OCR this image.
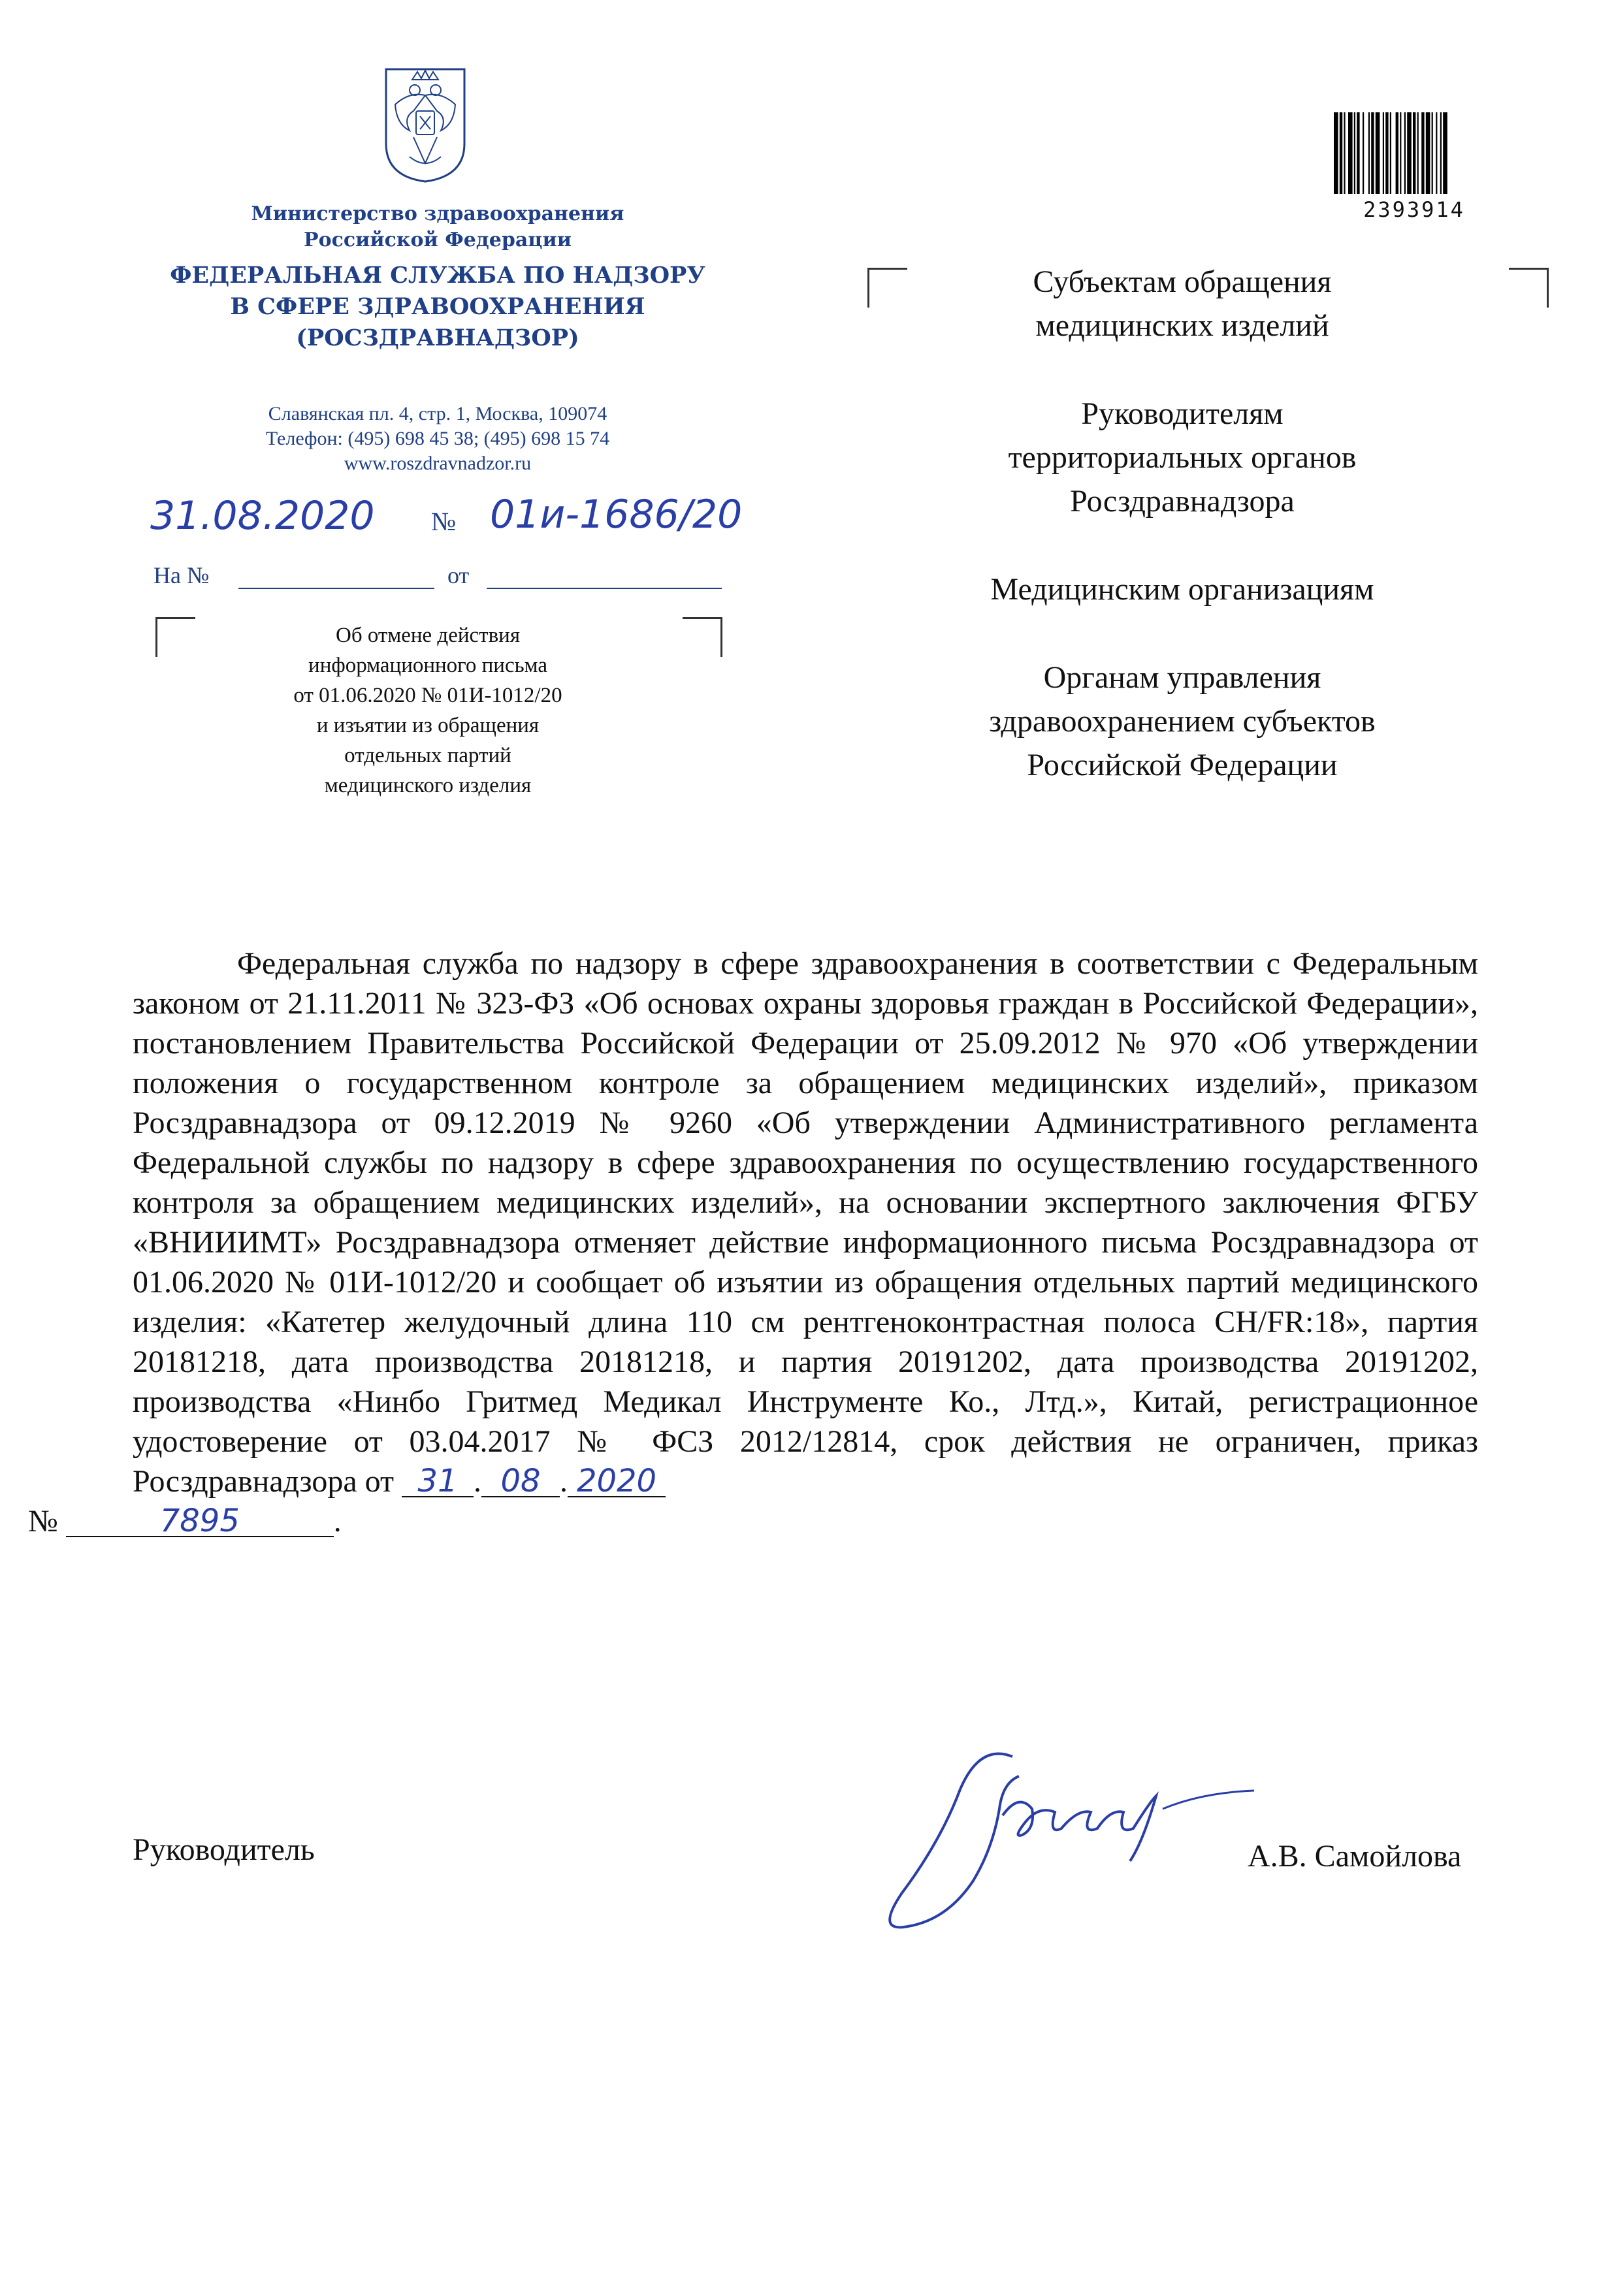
Министерство здравоохранения
Российской Федерации
ФЕДЕРАЛЬНАЯ СЛУЖБА ПО НАДЗОРУ
В СФЕРЕ ЗДРАВООХРАНЕНИЯ
(РОСЗДРАВНАДЗОР)
Славянская пл. 4, стр. 1, Москва, 109074
Телефон: (495) 698 45 38; (495) 698 15 74
www.roszdravnadzor.ru
31.08.2020 № 01и-1686/20
На №	от
Об отмене действия
информационного письма
от 01.06.2020 № 01И-1012/20
и изъятии из обращения
отдельных партий
медицинского изделия
2393914

Субъектам обращения
медицинских изделий

Руководителям
территориальных органов
Росздравнадзора

Медицинским организациям

Органам управления
здравоохранением субъектов
Российской Федерации

Федеральная служба по надзору в сфере здравоохранения в соответствии с Федеральным законом от 21.11.2011 № 323-ФЗ «Об основах охраны здоровья граждан в Российской Федерации», постановлением Правительства Российской Федерации от 25.09.2012 № 970 «Об утверждении положения о государственном контроле за обращением медицинских изделий», приказом Росздравнадзора от 09.12.2019 № 9260 «Об утверждении Административного регламента Федеральной службы по надзору в сфере здравоохранения по осуществлению государственного контроля за обращением медицинских изделий», на основании экспертного заключения ФГБУ «ВНИИИМТ» Росздравнадзора отменяет действие информационного письма Росздравнадзора от 01.06.2020 № 01И-1012/20 и сообщает об изъятии из обращения отдельных партий медицинского изделия: «Катетер желудочный длина 110 см рентгеноконтрастная полоса CH/FR:18», партия 20181218, дата производства 20181218, и партия 20191202, дата производства 20191202, производства «Нинбо Гритмед Медикал Инструменте Ко., Лтд.», Китай, регистрационное удостоверение от 03.04.2017 № ФСЗ 2012/12814, срок действия не ограничен, приказ Росздравнадзора от 31 . 08 . 2020
№	7895	.

Руководитель	А.В. Самойлова
